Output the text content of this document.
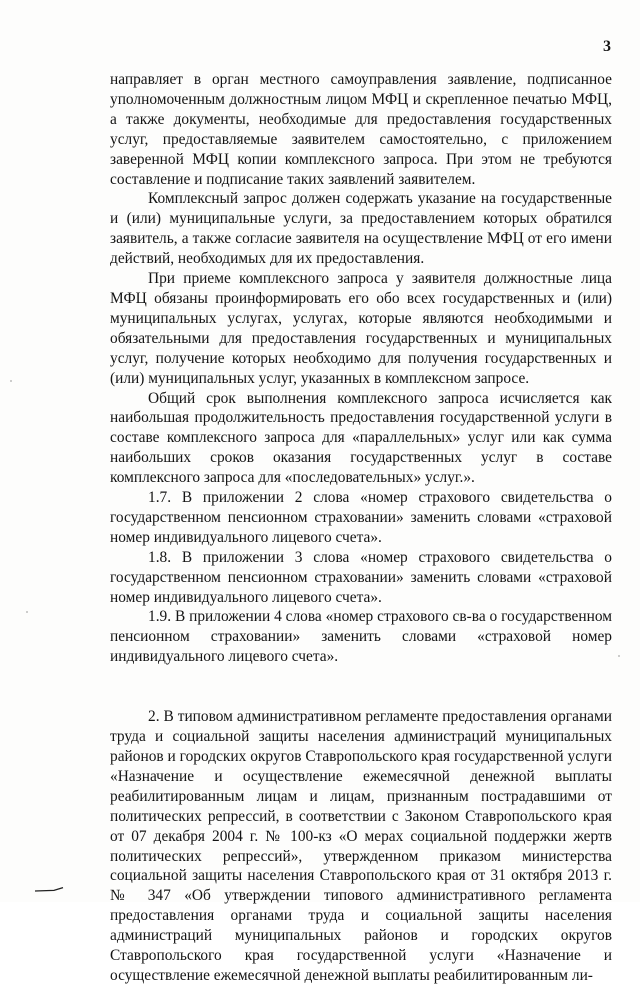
3

направляет в орган местного самоуправления заявление, подписанное уполномоченным должностным лицом МФЦ и скрепленное печатью МФЦ, а также документы, необходимые для предоставления государственных услуг, предоставляемые заявителем самостоятельно, с приложением заверенной МФЦ копии комплексного запроса. При этом не требуются составление и подписание таких заявлений заявителем.

Комплексный запрос должен содержать указание на государственные и (или) муниципальные услуги, за предоставлением которых обратился заявитель, а также согласие заявителя на осуществление МФЦ от его имени действий, необходимых для их предоставления.

При приеме комплексного запроса у заявителя должностные лица МФЦ обязаны проинформировать его обо всех государственных и (или) муниципальных услугах, услугах, которые являются необходимыми и обязательными для предоставления государственных и муниципальных услуг, получение которых необходимо для получения государственных и (или) муниципальных услуг, указанных в комплексном запросе.

Общий срок выполнения комплексного запроса исчисляется как наибольшая продолжительность предоставления государственной услуги в составе комплексного запроса для «параллельных» услуг или как сумма наибольших сроков оказания государственных услуг в составе комплексного запроса для «последовательных» услуг.».

1.7. В приложении 2 слова «номер страхового свидетельства о государственном пенсионном страховании» заменить словами «страховой номер индивидуального лицевого счета».

1.8. В приложении 3 слова «номер страхового свидетельства о государственном пенсионном страховании» заменить словами «страховой номер индивидуального лицевого счета».

1.9. В приложении 4 слова «номер страхового св-ва о государственном пенсионном страховании» заменить словами «страховой номер индивидуального лицевого счета».

2. В типовом административном регламенте предоставления органами труда и социальной защиты населения администраций муниципальных районов и городских округов Ставропольского края государственной услуги «Назначение и осуществление ежемесячной денежной выплаты реабилитированным лицам и лицам, признанным пострадавшими от политических репрессий, в соответствии с Законом Ставропольского края от 07 декабря 2004 г. № 100-кз «О мерах социальной поддержки жертв политических репрессий», утвержденном приказом министерства социальной защиты населения Ставропольского края от 31 октября 2013 г. № 347 «Об утверждении типового административного регламента предоставления органами труда и социальной защиты населения администраций муниципальных районов и городских округов Ставропольского края государственной услуги «Назначение и осуществление ежемесячной денежной выплаты реабилитированным ли-
